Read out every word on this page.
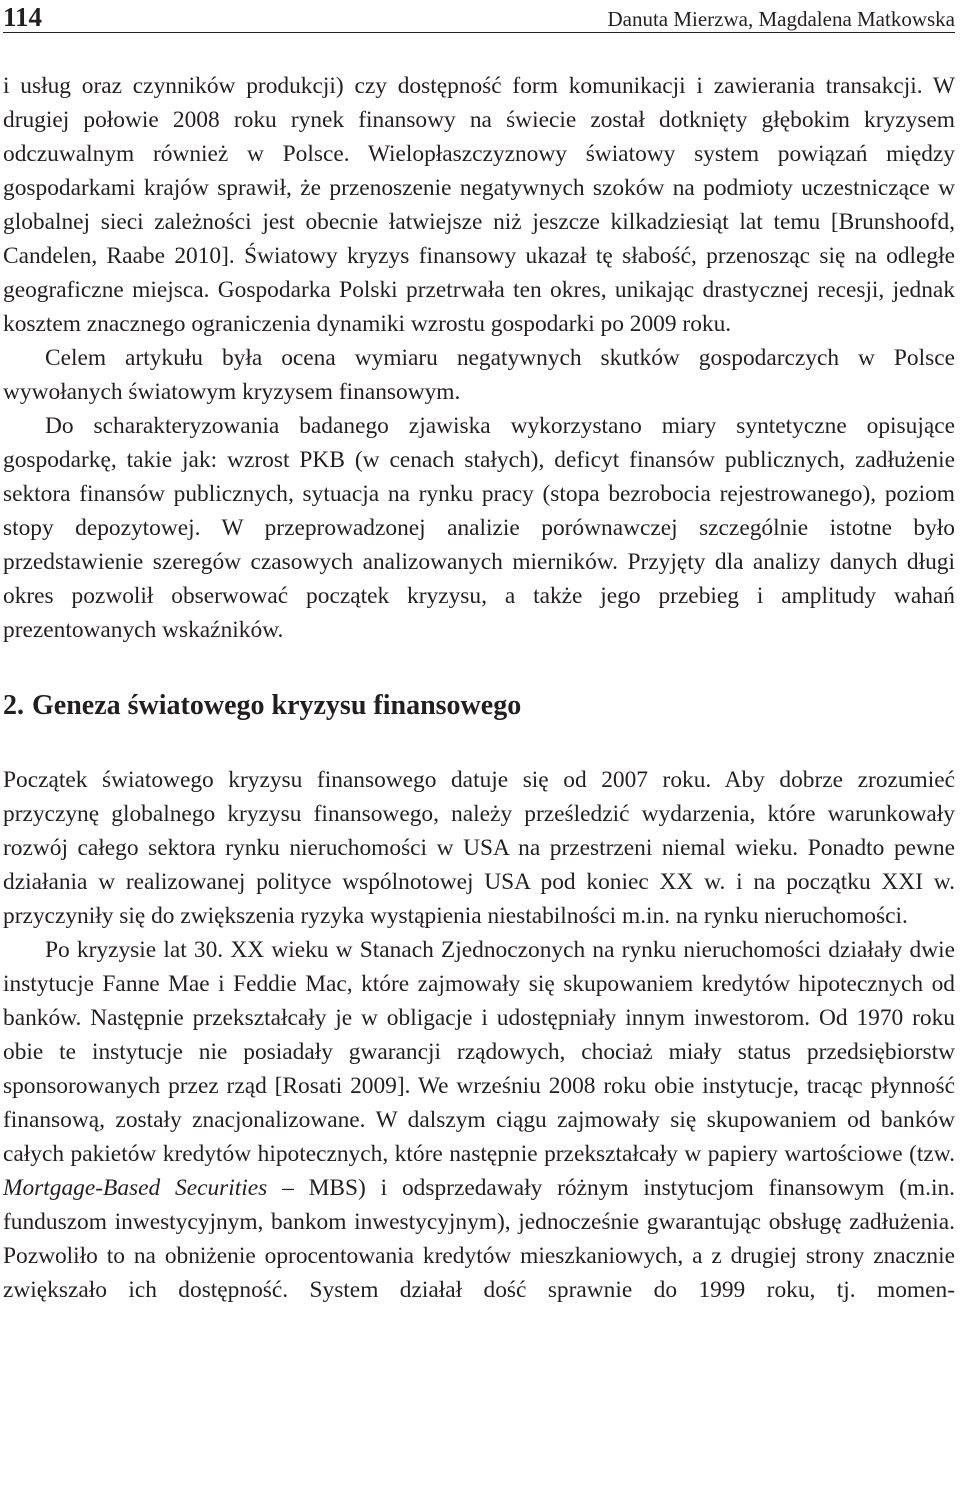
114	Danuta Mierzwa, Magdalena Matkowska

i usług oraz czynników produkcji) czy dostępność form komunikacji i zawierania transakcji. W drugiej połowie 2008 roku rynek finansowy na świecie został dotknięty głębokim kryzysem odczuwalnym również w Polsce. Wielopłaszczyznowy światowy system powiązań między gospodarkami krajów sprawił, że przenoszenie negatywnych szoków na podmioty uczestniczące w globalnej sieci zależności jest obecnie łatwiejsze niż jeszcze kilkadziesiąt lat temu [Brunshoofd, Candelen, Raabe 2010]. Światowy kryzys finansowy ukazał tę słabość, przenosząc się na odległe geograficzne miejsca. Gospodarka Polski przetrwała ten okres, unikając drastycznej recesji, jednak kosztem znacznego ograniczenia dynamiki wzrostu gospodarki po 2009 roku.

Celem artykułu była ocena wymiaru negatywnych skutków gospodarczych w Polsce wywołanych światowym kryzysem finansowym.

Do scharakteryzowania badanego zjawiska wykorzystano miary syntetyczne opisujące gospodarkę, takie jak: wzrost PKB (w cenach stałych), deficyt finansów publicznych, zadłużenie sektora finansów publicznych, sytuacja na rynku pracy (stopa bezrobocia rejestrowanego), poziom stopy depozytowej. W przeprowadzonej analizie porównawczej szczególnie istotne było przedstawienie szeregów czasowych analizowanych mierników. Przyjęty dla analizy danych długi okres pozwolił obserwować początek kryzysu, a także jego przebieg i amplitudy wahań prezentowanych wskaźników.

2. Geneza światowego kryzysu finansowego

Początek światowego kryzysu finansowego datuje się od 2007 roku. Aby dobrze zrozumieć przyczynę globalnego kryzysu finansowego, należy prześledzić wydarzenia, które warunkowały rozwój całego sektora rynku nieruchomości w USA na przestrzeni niemal wieku. Ponadto pewne działania w realizowanej polityce wspólnotowej USA pod koniec XX w. i na początku XXI w. przyczyniły się do zwiększenia ryzyka wystąpienia niestabilności m.in. na rynku nieruchomości.

Po kryzysie lat 30. XX wieku w Stanach Zjednoczonych na rynku nieruchomości działały dwie instytucje Fanne Mae i Feddie Mac, które zajmowały się skupowaniem kredytów hipotecznych od banków. Następnie przekształcały je w obligacje i udostępniały innym inwestorom. Od 1970 roku obie te instytucje nie posiadały gwarancji rządowych, chociaż miały status przedsiębiorstw sponsorowanych przez rząd [Rosati 2009]. We wrześniu 2008 roku obie instytucje, tracąc płynność finansową, zostały znacjonalizowane. W dalszym ciągu zajmowały się skupowaniem od banków całych pakietów kredytów hipotecznych, które następnie przekształcały w papiery wartościowe (tzw. Mortgage-Based Securities – MBS) i odsprzedawały różnym instytucjom finansowym (m.in. funduszom inwestycyjnym, bankom inwestycyjnym), jednocześnie gwarantując obsługę zadłużenia. Pozwoliło to na obniżenie oprocentowania kredytów mieszkaniowych, a z drugiej strony znacznie zwiększało ich dostępność. System działał dość sprawnie do 1999 roku, tj. momen-
